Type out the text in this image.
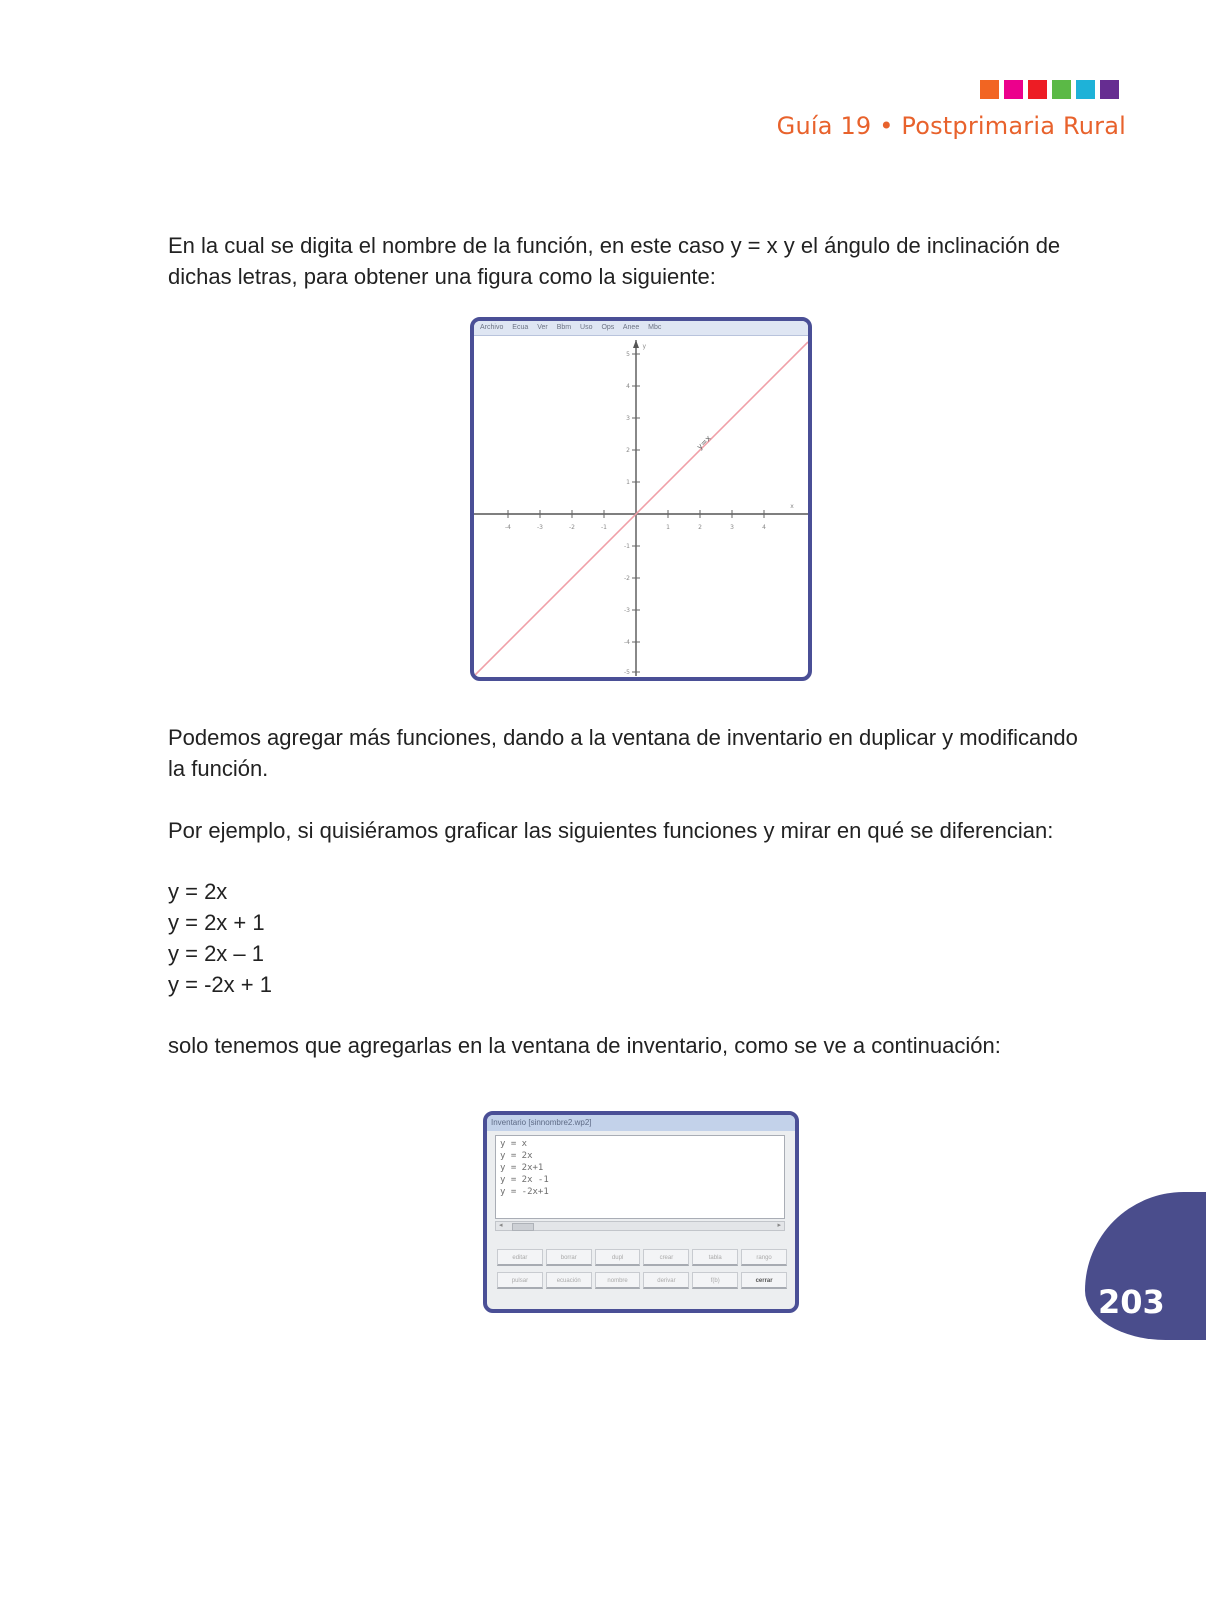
Guía 19 • Postprimaria Rural
En la cual se digita el nombre de la función, en este caso y = x y el ángulo de inclinación de dichas letras, para obtener una figura como la siguiente:
Archivo Ecua Ver Bbm Uso Ops Anee Mbc
-4	-3	-2	-1	1	2	3	4
x
5
4
3
2
1
-1
-2
-3
-4
-5
y
y=x
Podemos agregar más funciones, dando a la ventana de inventario en duplicar y modificando la función.
Por ejemplo, si quisiéramos graficar las siguientes funciones y mirar en qué se diferencian:
y = 2x
y = 2x + 1
y = 2x – 1
y = -2x + 1
solo tenemos que agregarlas en la ventana de inventario, como se ve a continuación:
Inventario [sinnombre2.wp2]
y = x
y = 2x
y = 2x+1
y = 2x -1
y = -2x+1
◂	▸
editar	borrar	dupl	crear	tabla	rango
pulsar	ecuación	nombre	derivar	f(b)	cerrar
203
